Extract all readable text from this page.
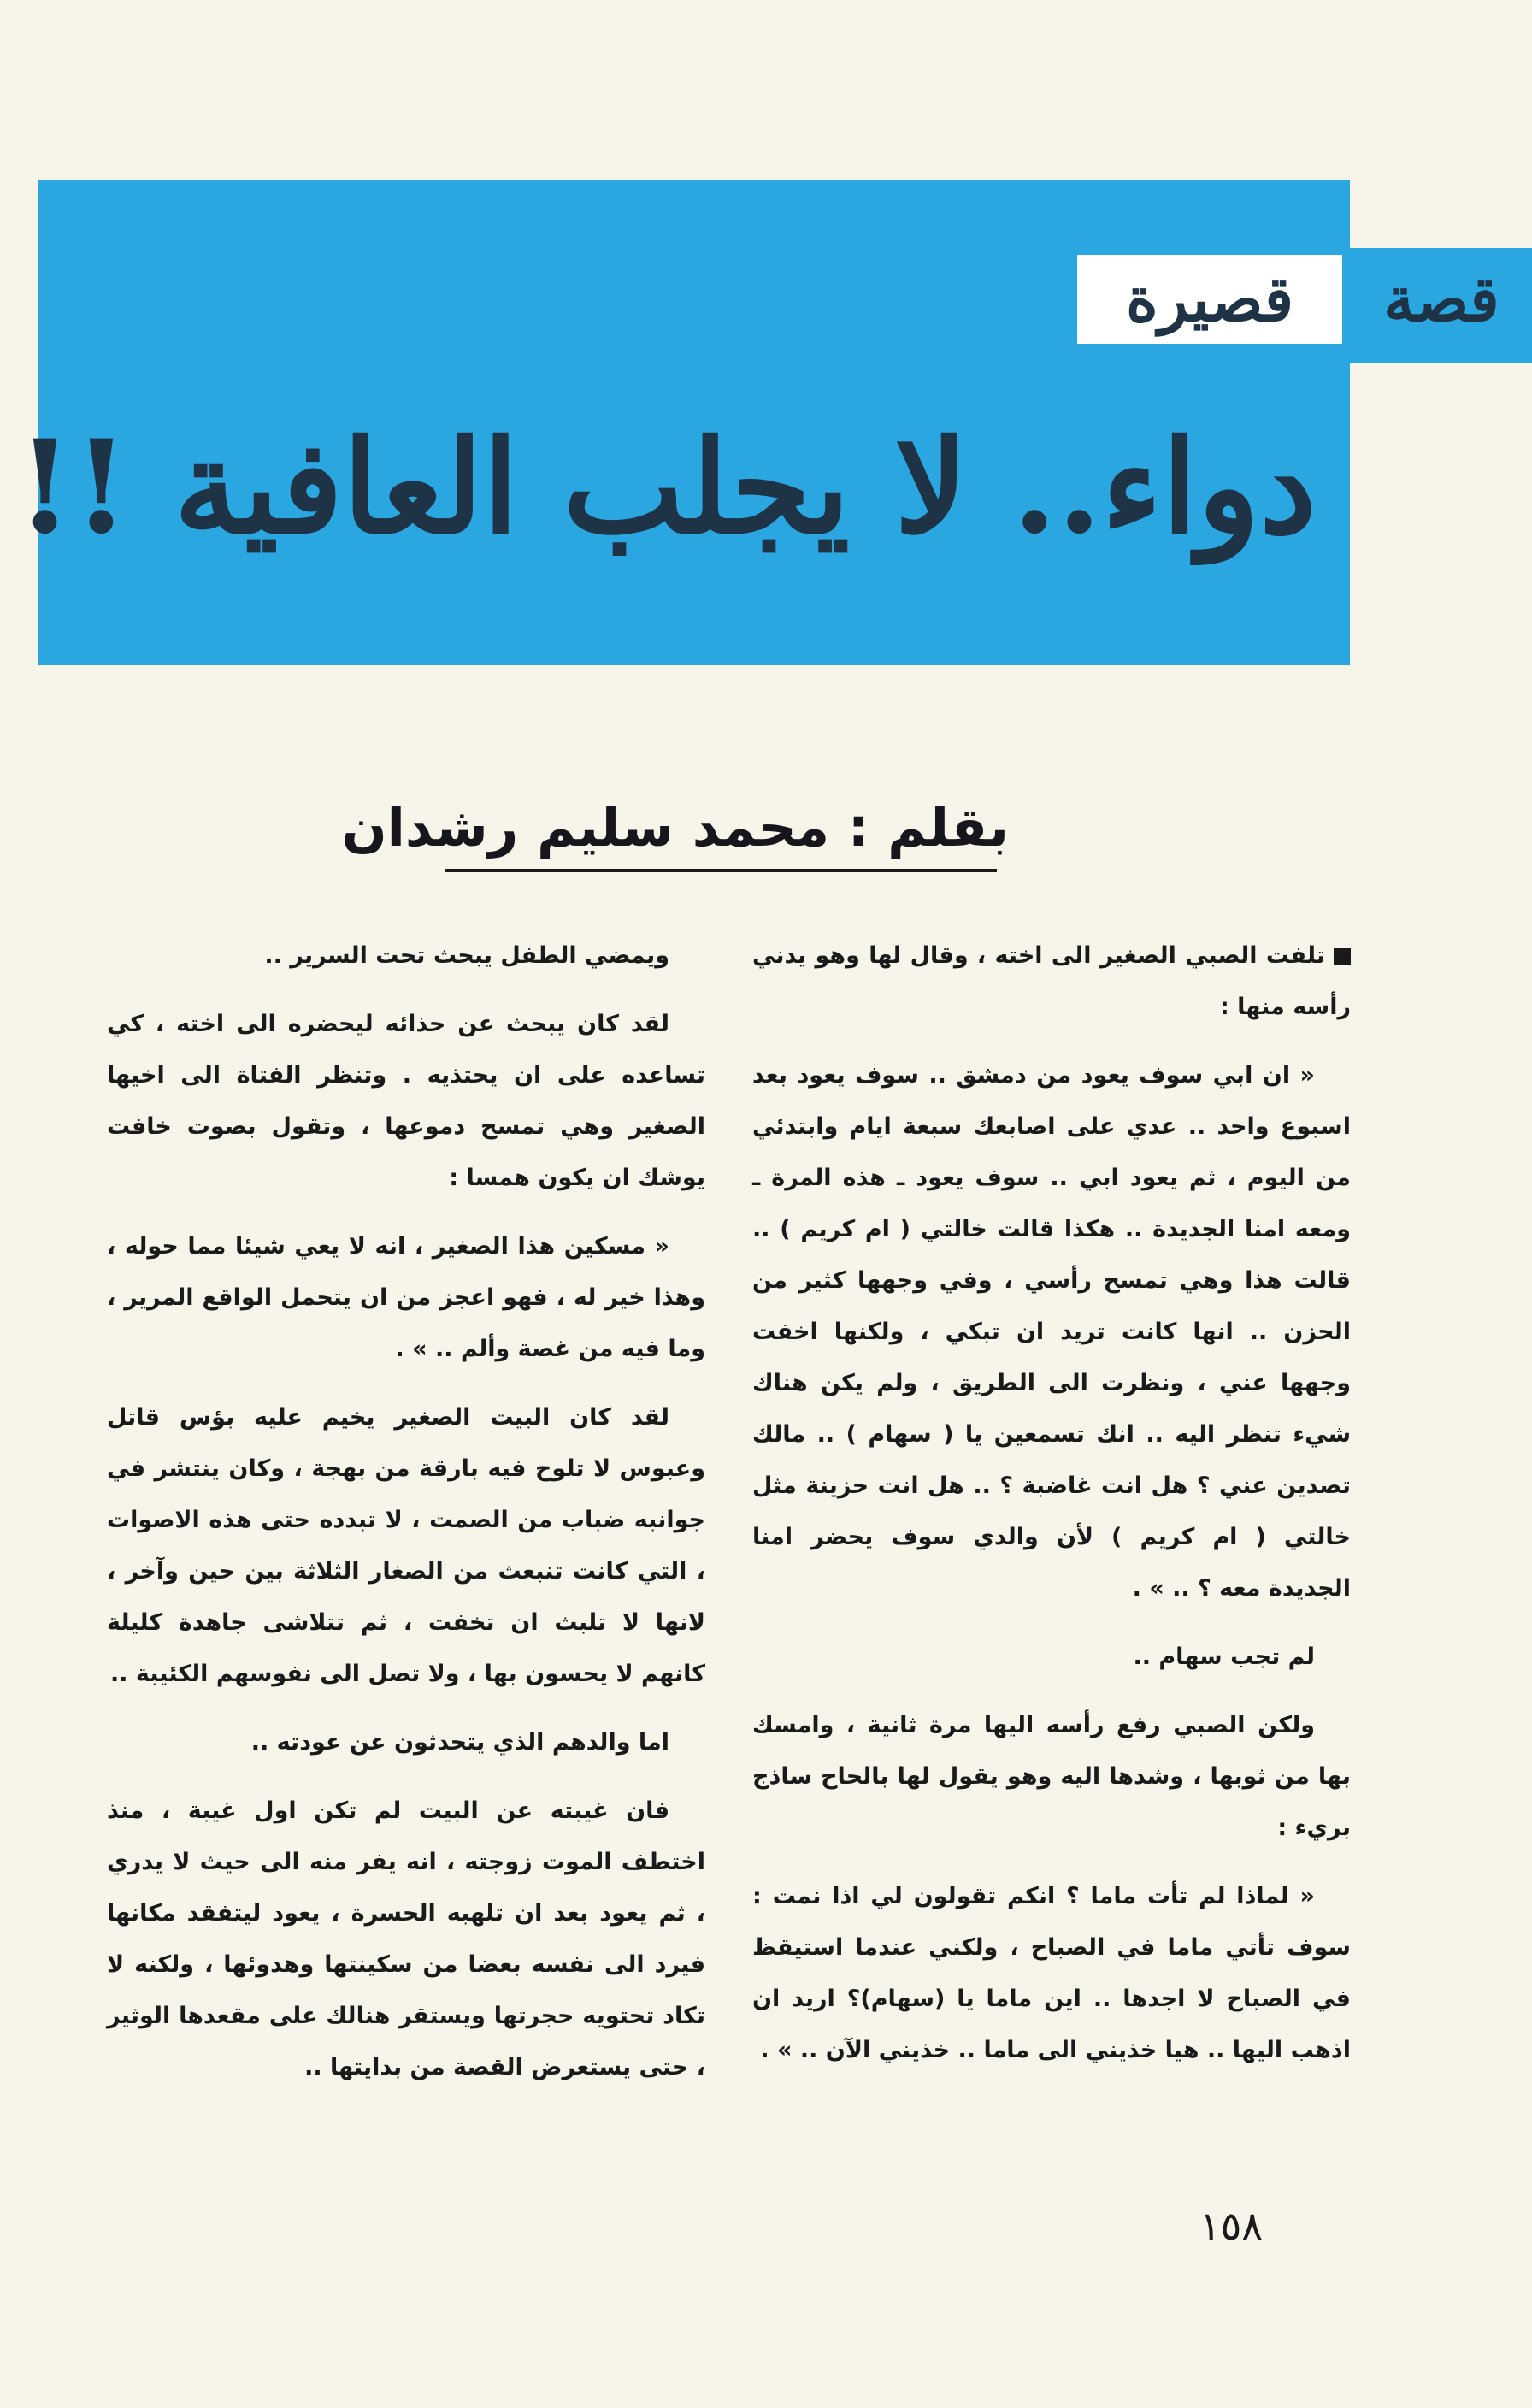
قصة
قصيرة
دواء.. لا يجلب العافية !!
بقلم : محمد سليم رشدان

تلفت الصبي الصغير الى اخته ، وقال لها وهو يدني رأسه منها :

« ان ابي سوف يعود من دمشق .. سوف يعود بعد اسبوع واحد .. عدي على اصابعك سبعة ايام وابتدئي من اليوم ، ثم يعود ابي .. سوف يعود ـ هذه المرة ـ ومعه امنا الجديدة .. هكذا قالت خالتي ( ام كريم ) .. قالت هذا وهي تمسح رأسي ، وفي وجهها كثير من الحزن .. انها كانت تريد ان تبكي ، ولكنها اخفت وجهها عني ، ونظرت الى الطريق ، ولم يكن هناك شيء تنظر اليه .. انك تسمعين يا ( سهام ) .. مالك تصدين عني ؟ هل انت غاضبة ؟ .. هل انت حزينة مثل خالتي ( ام كريم ) لأن والدي سوف يحضر امنا الجديدة معه ؟ .. » .

لم تجب سهام ..

ولكن الصبي رفع رأسه اليها مرة ثانية ، وامسك بها من ثوبها ، وشدها اليه وهو يقول لها بالحاح ساذج بريء :

« لماذا لم تأت ماما ؟ انكم تقولون لي اذا نمت : سوف تأتي ماما في الصباح ، ولكني عندما استيقظ في الصباح لا اجدها .. اين ماما يا (سهام)؟ اريد ان اذهب اليها .. هيا خذيني الى ماما .. خذيني الآن .. » .

ويمضي الطفل يبحث تحت السرير ..

لقد كان يبحث عن حذائه ليحضره الى اخته ، كي تساعده على ان يحتذيه . وتنظر الفتاة الى اخيها الصغير وهي تمسح دموعها ، وتقول بصوت خافت يوشك ان يكون همسا :

« مسكين هذا الصغير ، انه لا يعي شيئا مما حوله ، وهذا خير له ، فهو اعجز من ان يتحمل الواقع المرير ، وما فيه من غصة وألم .. » .

لقد كان البيت الصغير يخيم عليه بؤس قاتل وعبوس لا تلوح فيه بارقة من بهجة ، وكان ينتشر في جوانبه ضباب من الصمت ، لا تبدده حتى هذه الاصوات ، التي كانت تنبعث من الصغار الثلاثة بين حين وآخر ، لانها لا تلبث ان تخفت ، ثم تتلاشى جاهدة كليلة كانهم لا يحسون بها ، ولا تصل الى نفوسهم الكئيبة ..

اما والدهم الذي يتحدثون عن عودته ..

فان غيبته عن البيت لم تكن اول غيبة ، منذ اختطف الموت زوجته ، انه يفر منه الى حيث لا يدري ، ثم يعود بعد ان تلهبه الحسرة ، يعود ليتفقد مكانها فيرد الى نفسه بعضا من سكينتها وهدوئها ، ولكنه لا تكاد تحتويه حجرتها ويستقر هنالك على مقعدها الوثير ، حتى يستعرض القصة من بدايتها ..

١٥٨
